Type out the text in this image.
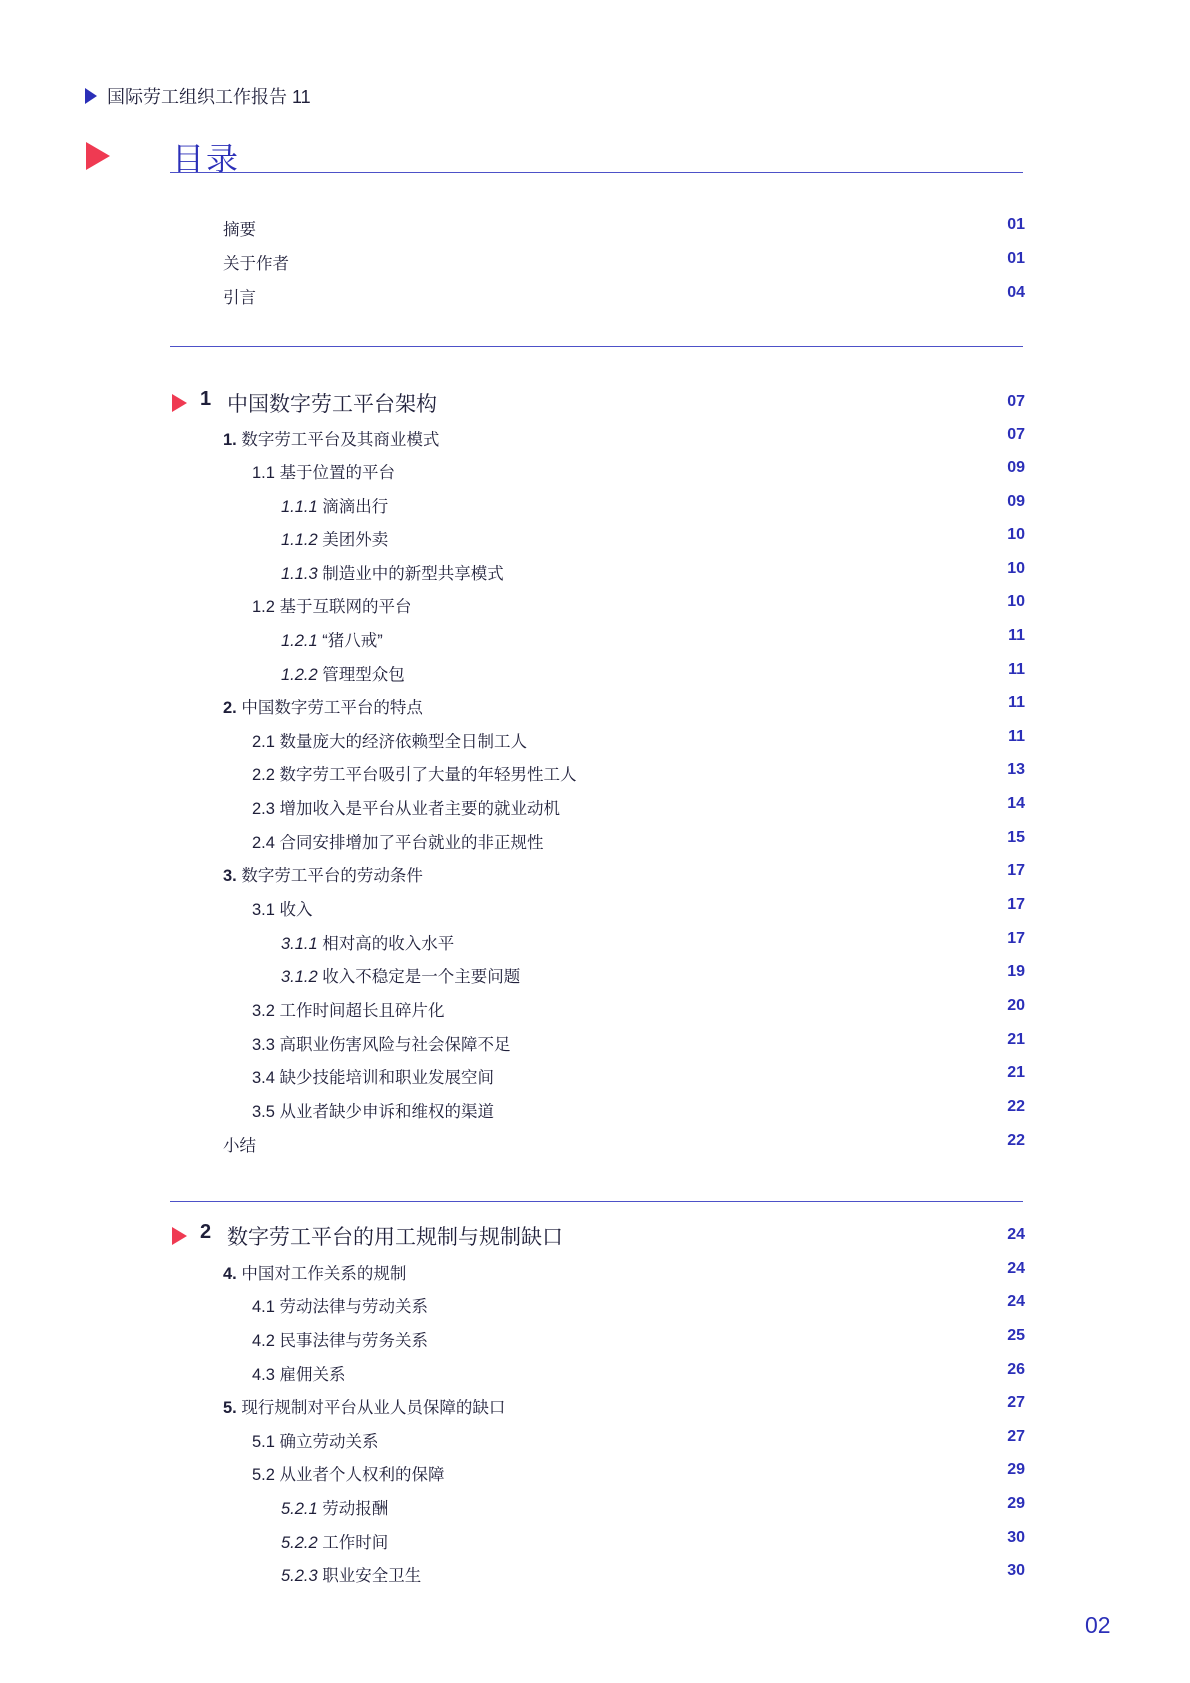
国际劳工组织工作报告 11
目录
摘要	01
关于作者	01
引言	04
1 中国数字劳工平台架构	07
1. 数字劳工平台及其商业模式	07
1.1 基于位置的平台	09
1.1.1 滴滴出行	09
1.1.2 美团外卖	10
1.1.3 制造业中的新型共享模式	10
1.2 基于互联网的平台	10
1.2.1 “猪八戒”	11
1.2.2 管理型众包	11
2. 中国数字劳工平台的特点	11
2.1 数量庞大的经济依赖型全日制工人	11
2.2 数字劳工平台吸引了大量的年轻男性工人	13
2.3 增加收入是平台从业者主要的就业动机	14
2.4 合同安排增加了平台就业的非正规性	15
3. 数字劳工平台的劳动条件	17
3.1 收入	17
3.1.1 相对高的收入水平	17
3.1.2 收入不稳定是一个主要问题	19
3.2 工作时间超长且碎片化	20
3.3 高职业伤害风险与社会保障不足	21
3.4 缺少技能培训和职业发展空间	21
3.5 从业者缺少申诉和维权的渠道	22
小结	22
2 数字劳工平台的用工规制与规制缺口	24
4. 中国对工作关系的规制	24
4.1 劳动法律与劳动关系	24
4.2 民事法律与劳务关系	25
4.3 雇佣关系	26
5. 现行规制对平台从业人员保障的缺口	27
5.1 确立劳动关系	27
5.2 从业者个人权利的保障	29
5.2.1 劳动报酬	29
5.2.2 工作时间	30
5.2.3 职业安全卫生	30
02
